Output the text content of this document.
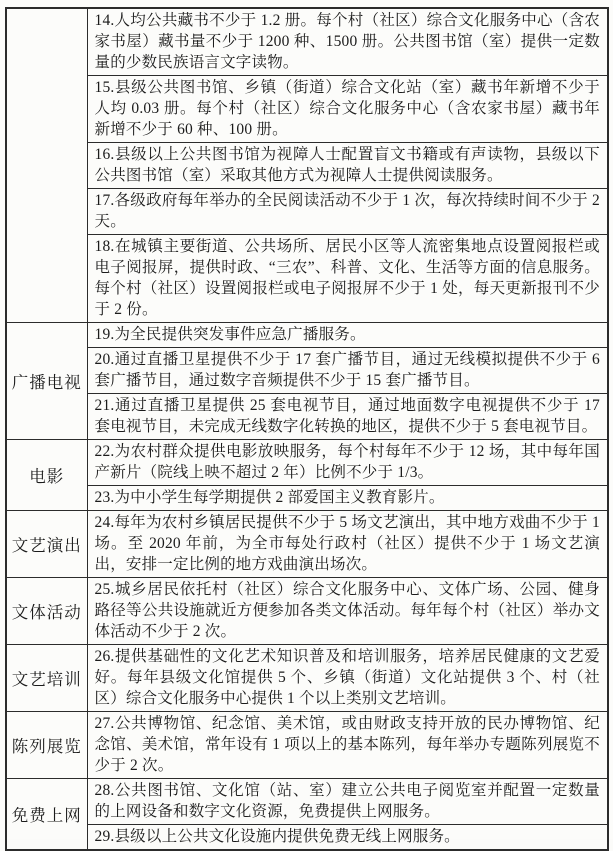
	14.人均公共藏书不少于 1.2 册。每个村（社区）综合文化服务中心（含农家书屋）藏书量不少于 1200 种、1500 册。公共图书馆（室）提供一定数量的少数民族语言文字读物。
	15.县级公共图书馆、乡镇（街道）综合文化站（室）藏书年新增不少于人均 0.03 册。每个村（社区）综合文化服务中心（含农家书屋）藏书年新增不少于 60 种、100 册。
	16.县级以上公共图书馆为视障人士配置盲文书籍或有声读物，县级以下公共图书馆（室）采取其他方式为视障人士提供阅读服务。
	17.各级政府每年举办的全民阅读活动不少于 1 次，每次持续时间不少于 2 天。
	18.在城镇主要街道、公共场所、居民小区等人流密集地点设置阅报栏或电子阅报屏，提供时政、“三农”、科普、文化、生活等方面的信息服务。每个村（社区）设置阅报栏或电子阅报屏不少于 1 处，每天更新报刊不少于 2 份。
广播电视	19.为全民提供突发事件应急广播服务。
	20.通过直播卫星提供不少于 17 套广播节目，通过无线模拟提供不少于 6 套广播节目，通过数字音频提供不少于 15 套广播节目。
	21.通过直播卫星提供 25 套电视节目，通过地面数字电视提供不少于 17 套电视节目，未完成无线数字化转换的地区，提供不少于 5 套电视节目。
电影	22.为农村群众提供电影放映服务，每个村每年不少于 12 场，其中每年国产新片（院线上映不超过 2 年）比例不少于 1/3。
	23.为中小学生每学期提供 2 部爱国主义教育影片。
文艺演出	24.每年为农村乡镇居民提供不少于 5 场文艺演出，其中地方戏曲不少于 1 场。至 2020 年前，为全市每处行政村（社区）提供不少于 1 场文艺演出，安排一定比例的地方戏曲演出场次。
文体活动	25.城乡居民依托村（社区）综合文化服务中心、文体广场、公园、健身路径等公共设施就近方便参加各类文体活动。每年每个村（社区）举办文体活动不少于 2 次。
文艺培训	26.提供基础性的文化艺术知识普及和培训服务，培养居民健康的文艺爱好。每年县级文化馆提供 5 个、乡镇（街道）文化站提供 3 个、村（社区）综合文化服务中心提供 1 个以上类别文艺培训。
陈列展览	27.公共博物馆、纪念馆、美术馆，或由财政支持开放的民办博物馆、纪念馆、美术馆，常年设有 1 项以上的基本陈列，每年举办专题陈列展览不少于 2 次。
免费上网	28.公共图书馆、文化馆（站、室）建立公共电子阅览室并配置一定数量的上网设备和数字文化资源，免费提供上网服务。
	29.县级以上公共文化设施内提供免费无线上网服务。
